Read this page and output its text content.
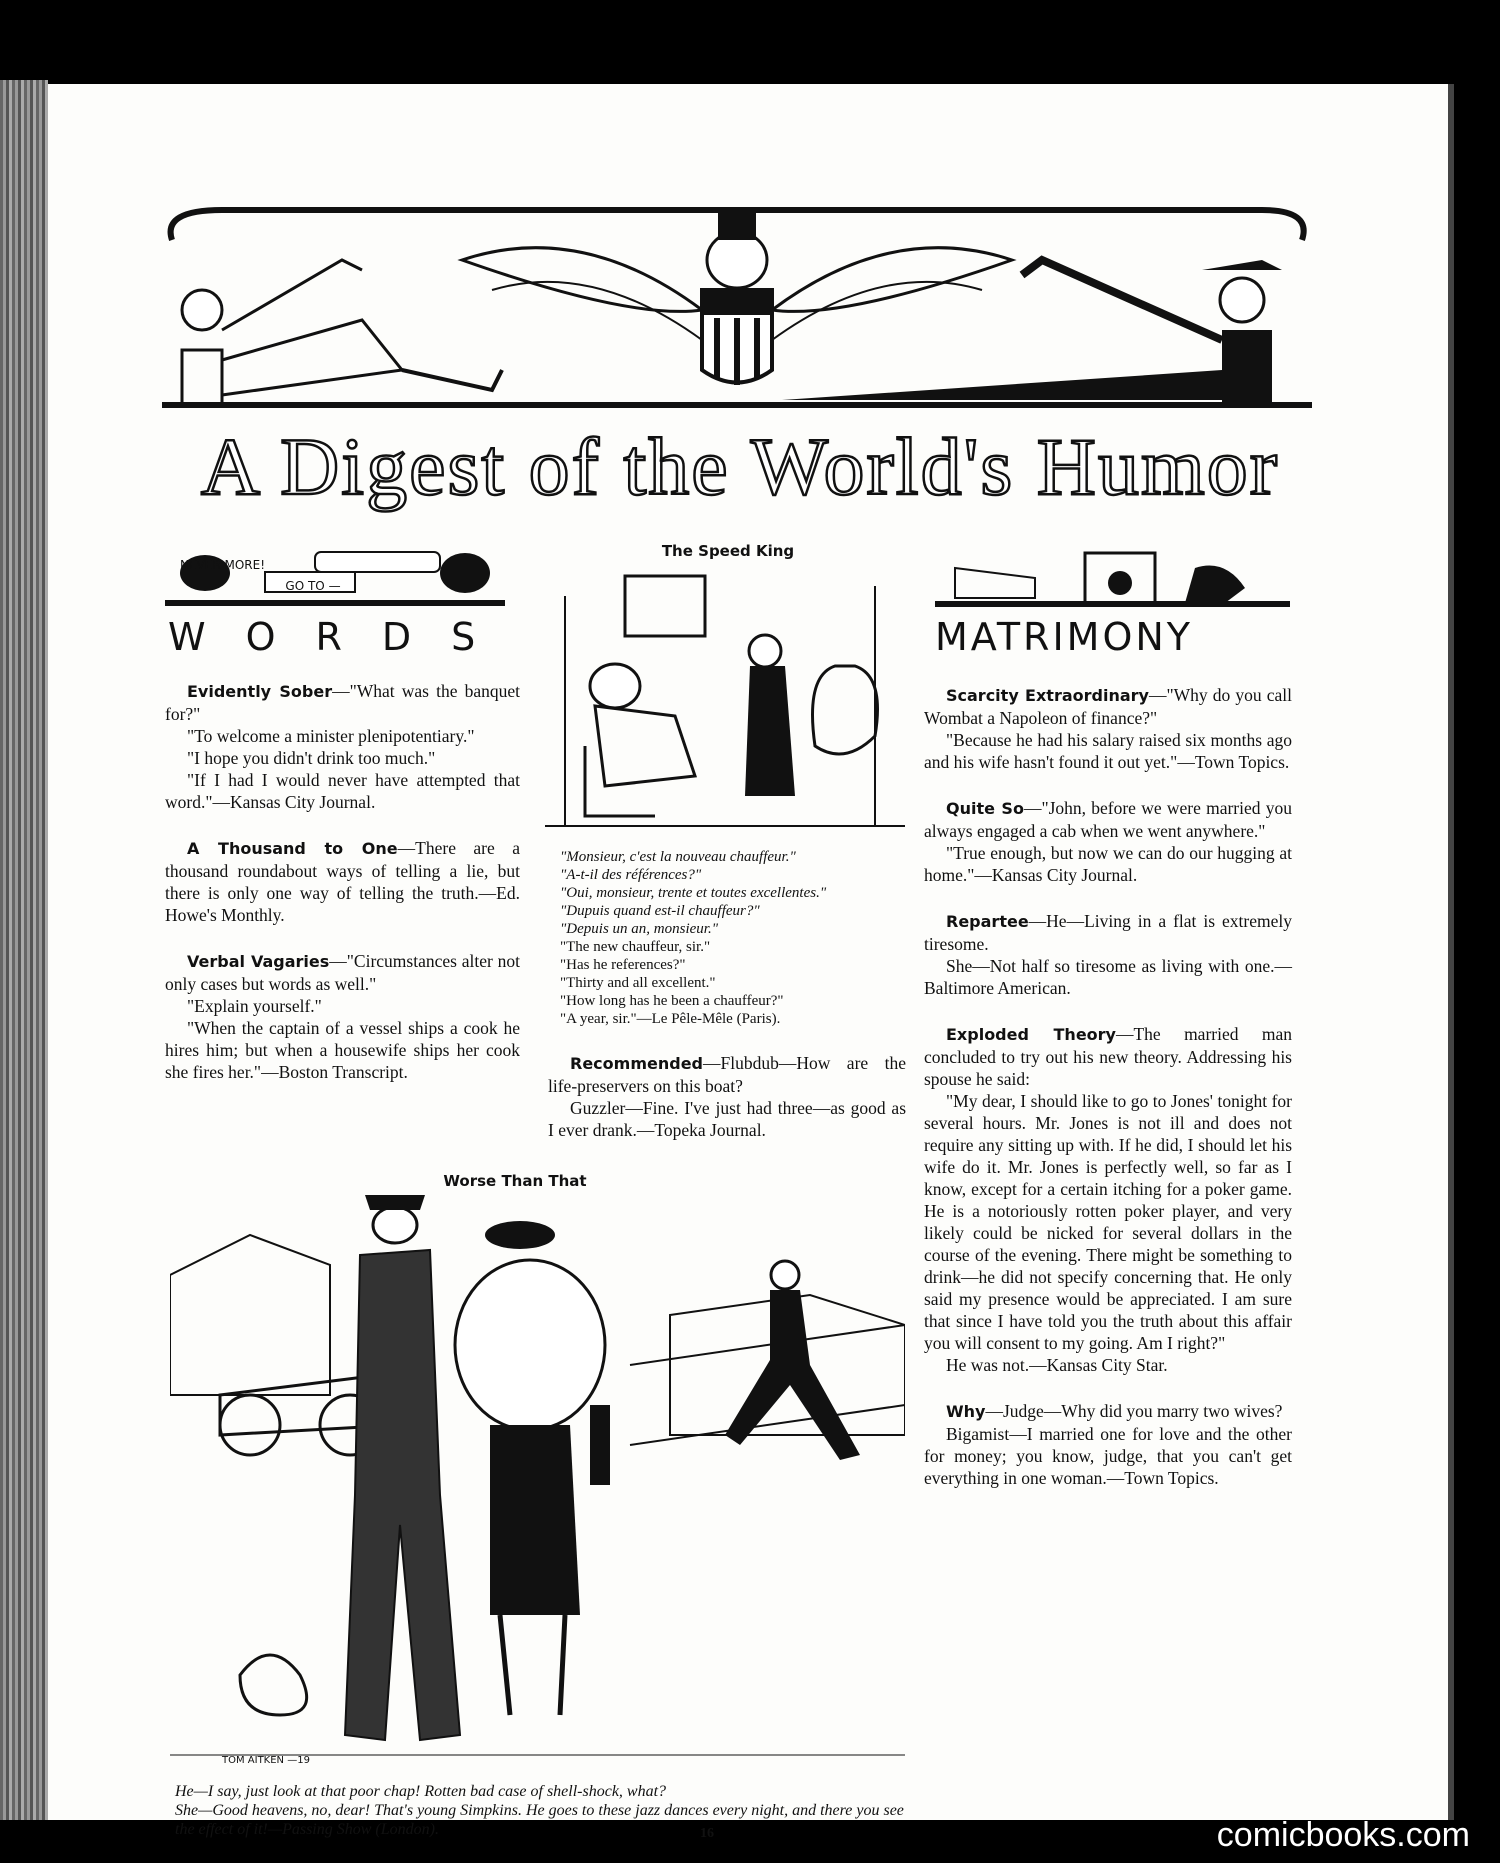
A Digest of the World's Humor
NEVER MORE!
GO TO —
WORDS

Evidently Sober—"What was the banquet for?"

"To welcome a minister plenipotentiary."

"I hope you didn't drink too much."

"If I had I would never have attempted that word."—Kansas City Journal.

A Thousand to One—There are a thousand roundabout ways of telling a lie, but there is only one way of telling the truth.—Ed. Howe's Monthly.

Verbal Vagaries—"Circumstances alter not only cases but words as well."

"Explain yourself."

"When the captain of a vessel ships a cook he hires him; but when a housewife ships her cook she fires her."—Boston Transcript.

The Speed King

"Monsieur, c'est la nouveau chauffeur."

"A-t-il des références?"

"Oui, monsieur, trente et toutes excellentes."

"Dupuis quand est-il chauffeur?"

"Depuis un an, monsieur."

"The new chauffeur, sir."

"Has he references?"

"Thirty and all excellent."

"How long has he been a chauffeur?"

"A year, sir."—Le Pêle-Mêle (Paris).

Recommended—Flubdub—How are the life-preservers on this boat?

Guzzler—Fine. I've just had three—as good as I ever drank.—Topeka Journal.

Worse Than That
TOM AITKEN —19

He—I say, just look at that poor chap! Rotten bad case of shell-shock, what?

She—Good heavens, no, dear! That's young Simpkins. He goes to these jazz dances every night, and there you see the effect of it!—Passing Show (London).

MATRIMONY

Scarcity Extraordinary—"Why do you call Wombat a Napoleon of finance?"

"Because he had his salary raised six months ago and his wife hasn't found it out yet."—Town Topics.

Quite So—"John, before we were married you always engaged a cab when we went anywhere."

"True enough, but now we can do our hugging at home."—Kansas City Journal.

Repartee—He—Living in a flat is extremely tiresome.

She—Not half so tiresome as living with one.—Baltimore American.

Exploded Theory—The married man concluded to try out his new theory. Addressing his spouse he said:

"My dear, I should like to go to Jones' tonight for several hours. Mr. Jones is not ill and does not require any sitting up with. If he did, I should let his wife do it. Mr. Jones is perfectly well, so far as I know, except for a certain itching for a poker game. He is a notoriously rotten poker player, and very likely could be nicked for several dollars in the course of the evening. There might be something to drink—he did not specify concerning that. He only said my presence would be appreciated. I am sure that since I have told you the truth about this affair you will consent to my going. Am I right?"

He was not.—Kansas City Star.

Why—Judge—Why did you marry two wives?

Bigamist—I married one for love and the other for money; you know, judge, that you can't get everything in one woman.—Town Topics.

16	comicbooks.com
